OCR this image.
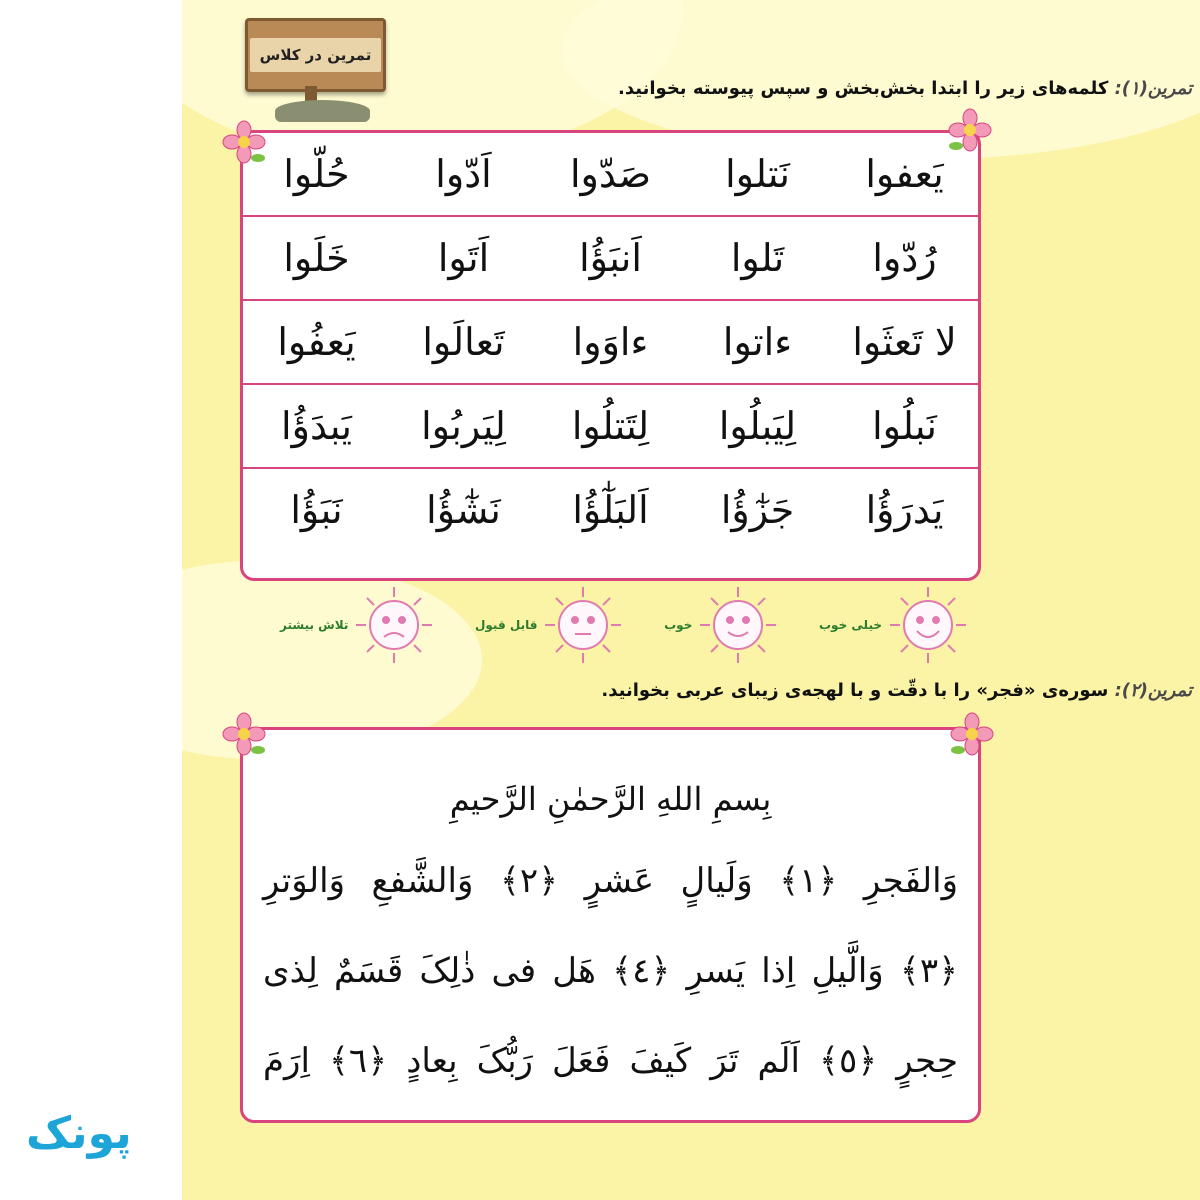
تمرین در کلاس
تمرین(۱): کلمه‌های زیر را ابتدا بخش‌بخش و سپس پیوسته بخوانید.
یَعفوا
نَتلوا
صَدّوا
اَدّوا
حُلّوا
رُدّوا
تَلوا
اَنبَؤُا
اَتَوا
خَلَوا
لا تَعثَوا
ءاتوا
ءاوَوا
تَعالَوا
یَعفُوا
نَبلُوا
لِیَبلُوا
لِتَتلُوا
لِیَربُوا
یَبدَؤُا
یَدرَؤُا
جَزٰٓؤُا
اَلبَلٰٓؤُا
نَشٰٓؤُا
نَبَؤُا
خیلی خوب
خوب
قابل قبول
تلاش بیشتر
تمرین(۲): سوره‌ی «فجر» را با دقّت و با لهجه‌ی زیبای عربی بخوانید.
بِسمِ اللهِ الرَّحمٰنِ الرَّحیمِ
وَالفَجرِ ﴿١﴾ وَلَیالٍ عَشرٍ ﴿٢﴾ وَالشَّفعِ وَالوَترِ
﴿٣﴾ وَالَّیلِ اِذا یَسرِ ﴿٤﴾ هَل فی ذٰلِکَ قَسَمٌ لِذی
حِجرٍ ﴿٥﴾ اَلَم تَرَ کَیفَ فَعَلَ رَبُّکَ بِعادٍ ﴿٦﴾ اِرَمَ
پونک
